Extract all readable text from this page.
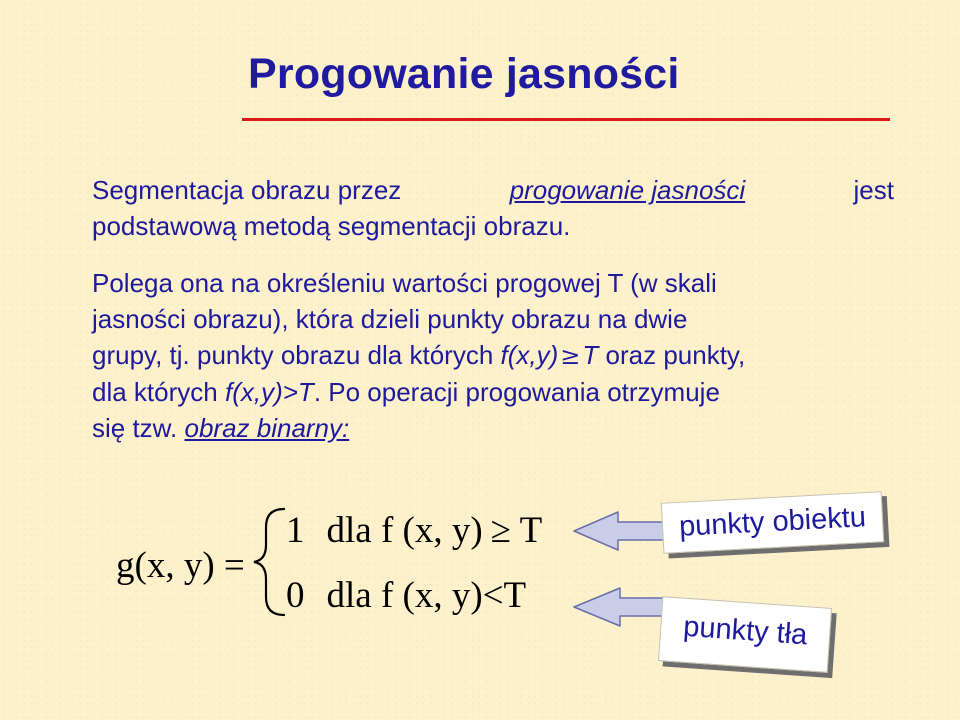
Progowanie jasności
Segmentacja obrazu przez	progowanie jasności	jest
podstawową metodą segmentacji obrazu.
Polega ona na określeniu wartości progowej T (w skali
jasności obrazu), która dzieli punkty obrazu na dwie
grupy, tj. punkty obrazu dla których f(x,y)≥T oraz punkty,
dla których f(x,y)>T. Po operacji progowania otrzymuje
się tzw. obraz binarny:
g(x, y) =
1 dla f (x, y) ≥ T
0 dla f (x, y)<T
punkty obiektu
punkty tła
